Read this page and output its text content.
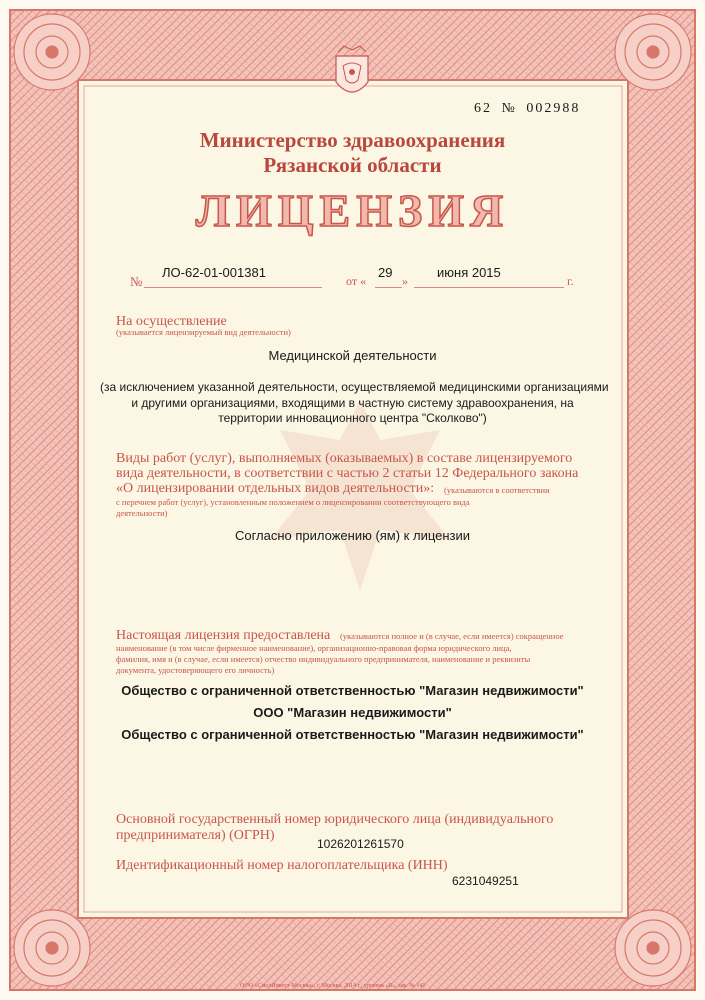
62 № 002988
Министерство здравоохранения
Рязанской области
ЛИЦЕНЗИЯ
№
ЛО-62-01-001381
от «
29
»
июня 2015
г.
На осуществление
(указывается лицензируемый вид деятельности)
Медицинской деятельности
(за исключением указанной деятельности, осуществляемой медицинскими организациями
и другими организациями, входящими в частную систему здравоохранения, на
территории инновационного центра "Сколково")
Виды работ (услуг), выполняемых (оказываемых) в составе лицензируемого
вида деятельности, в соответствии с частью 2 статьи 12 Федерального закона
«О лицензировании отдельных видов деятельности»: (указываются в соответствии
с перечнем работ (услуг), установленным положением о лицензировании соответствующего вида
деятельности)
Согласно приложению (ям) к лицензии
Настоящая лицензия предоставлена (указываются полное и (в случае, если имеется) сокращенное
наименование (в том числе фирменное наименование), организационно-правовая форма юридического лица,
фамилия, имя и (в случае, если имеется) отчество индивидуального предпринимателя, наименование и реквизиты
документа, удостоверяющего его личность)
Общество с ограниченной ответственностью "Магазин недвижимости"
ООО "Магазин недвижимости"
Общество с ограниченной ответственностью "Магазин недвижимости"
Основной государственный номер юридического лица (индивидуального
предпринимателя) (ОГРН)
1026201261570
Идентификационный номер налогоплательщика (ИНН)
6231049251
ООО «СмолИнвест-Москва», г. Москва, 2014 г., уровень «Б», зак. № 141
